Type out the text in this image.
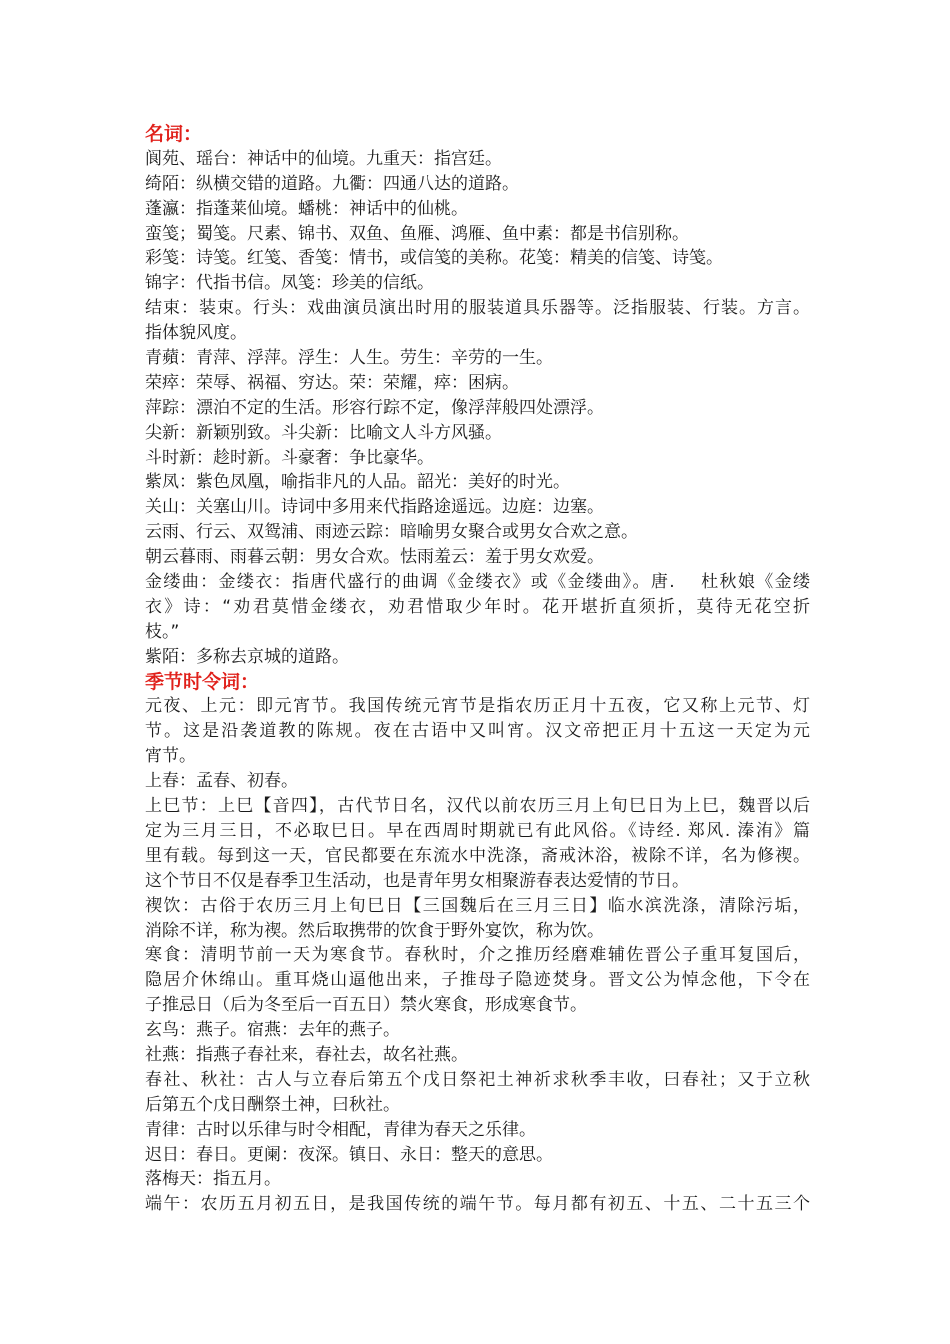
名词：
阆苑、瑶台：神话中的仙境。九重天：指宫廷。
绮陌：纵横交错的道路。九衢：四通八达的道路。
蓬瀛：指蓬莱仙境。蟠桃：神话中的仙桃。
蛮笺；蜀笺。尺素、锦书、双鱼、鱼雁、鸿雁、鱼中素：都是书信别称。
彩笺：诗笺。红笺、香笺：情书，或信笺的美称。花笺：精美的信笺、诗笺。
锦字：代指书信。凤笺：珍美的信纸。
结束：装束。行头：戏曲演员演出时用的服装道具乐器等。泛指服装、行装。方言。
指体貌风度。
青蘋：青萍、浮萍。浮生：人生。劳生：辛劳的一生。
荣瘁：荣辱、祸福、穷达。荣：荣耀，瘁：困病。
萍踪：漂泊不定的生活。形容行踪不定，像浮萍般四处漂浮。
尖新：新颖别致。斗尖新：比喻文人斗方风骚。
斗时新：趁时新。斗豪奢：争比豪华。
紫凤：紫色凤凰，喻指非凡的人品。韶光：美好的时光。
关山：关塞山川。诗词中多用来代指路途遥远。边庭：边塞。
云雨、行云、双鸳浦、雨迹云踪：暗喻男女聚合或男女合欢之意。
朝云暮雨、雨暮云朝：男女合欢。怯雨羞云：羞于男女欢爱。
金缕曲：金缕衣：指唐代盛行的曲调《金缕衣》或《金缕曲》。唐.　 杜秋娘《金缕
衣》诗：“劝君莫惜金缕衣，劝君惜取少年时。花开堪折直须折，莫待无花空折
枝。”
紫陌：多称去京城的道路。
季节时令词：
元夜、上元：即元宵节。我国传统元宵节是指农历正月十五夜，它又称上元节、灯
节。这是沿袭道教的陈规。夜在古语中又叫宵。汉文帝把正月十五这一天定为元
宵节。
上春：孟春、初春。
上巳节：上巳【音四】，古代节日名，汉代以前农历三月上旬巳日为上巳，魏晋以后
定为三月三日，不必取巳日。早在西周时期就已有此风俗。《诗经. 郑风. 溱洧》篇
里有载。每到这一天，官民都要在东流水中洗涤，斋戒沐浴，袚除不详，名为修禊。
这个节日不仅是春季卫生活动，也是青年男女相聚游春表达爱情的节日。
禊饮：古俗于农历三月上旬巳日【三国魏后在三月三日】临水滨洗涤，清除污垢，
消除不详，称为禊。然后取携带的饮食于野外宴饮，称为饮。
寒食：清明节前一天为寒食节。春秋时，介之推历经磨难辅佐晋公子重耳复国后，
隐居介休绵山。重耳烧山逼他出来，子推母子隐迹焚身。晋文公为悼念他，下令在
子推忌日（后为冬至后一百五日）禁火寒食，形成寒食节。
玄鸟：燕子。宿燕：去年的燕子。
社燕：指燕子春社来，春社去，故名社燕。
春社、秋社：古人与立春后第五个戊日祭祀土神祈求秋季丰收，曰春社；又于立秋
后第五个戊日酬祭土神，曰秋社。
青律：古时以乐律与时令相配，青律为春天之乐律。
迟日：春日。更阑：夜深。镇日、永日：整天的意思。
落梅天：指五月。
端午：农历五月初五日，是我国传统的端午节。每月都有初五、十五、二十五三个
